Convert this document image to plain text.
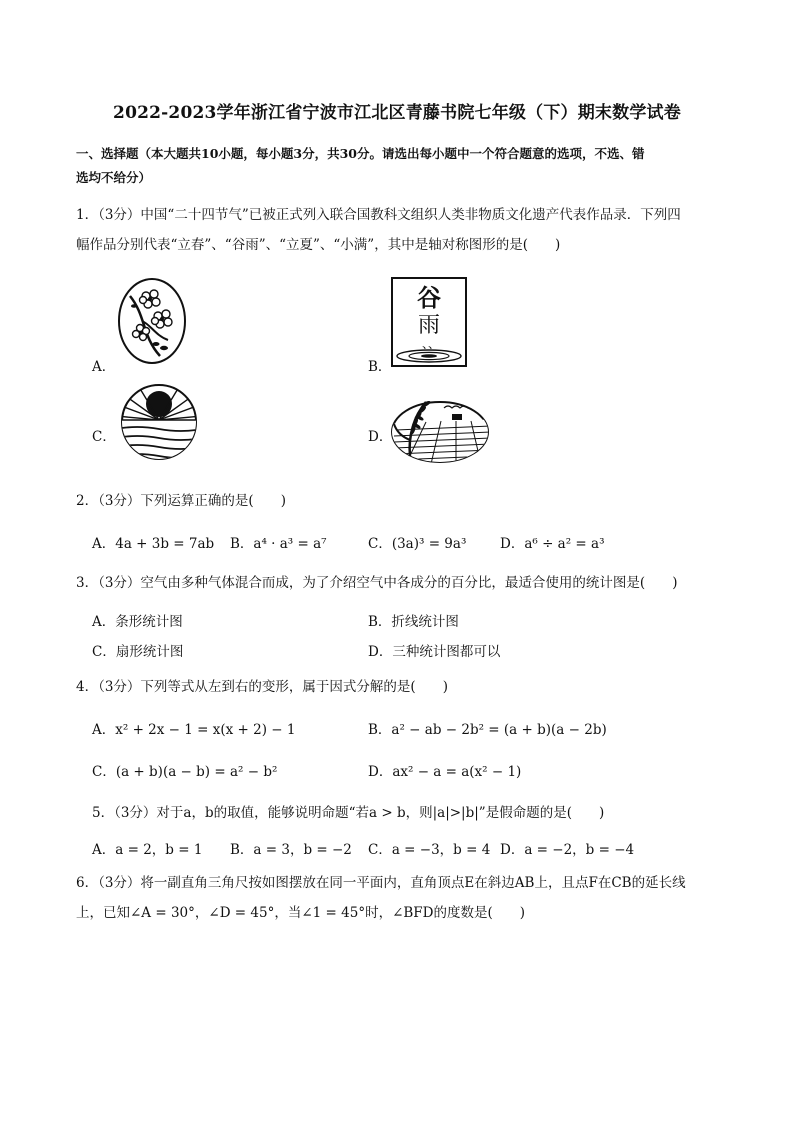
2022-2023学年浙江省宁波市江北区青藤书院七年级（下）期末数学试卷
一、选择题（本大题共10小题，每小题3分，共30分。请选出每小题中一个符合题意的选项，不选、错
选均不给分）
1．（3分）中国“二十四节气”已被正式列入联合国教科文组织人类非物质文化遗产代表作品录．下列四
幅作品分别代表“立春”、“谷雨”、“立夏”、“小满”，其中是轴对称图形的是(　　)
A．
谷
雨
、、
B．
C．	D．
2．（3分）下列运算正确的是(　　)
A．4a + 3b = 7ab B．a⁴ · a³ = a⁷	C．(3a)³ = 9a³ D．a⁶ ÷ a² = a³
3．（3分）空气由多种气体混合而成，为了介绍空气中各成分的百分比，最适合使用的统计图是(　　)
A．条形统计图	B．折线统计图
C．扇形统计图	D．三种统计图都可以
4．（3分）下列等式从左到右的变形，属于因式分解的是(　　)
A．x² + 2x − 1 = x(x + 2) − 1	B．a² − ab − 2b² = (a + b)(a − 2b)
C．(a + b)(a − b) = a² − b²	D．ax² − a = a(x² − 1)
5．（3分）对于a，b的取值，能够说明命题“若a > b，则|a|>|b|”是假命题的是(　　)
A．a = 2，b = 1 B．a = 3，b = −2 C．a = −3，b = 4 D．a = −2，b = −4
6．（3分）将一副直角三角尺按如图摆放在同一平面内，直角顶点E在斜边AB上，且点F在CB的延长线
上，已知∠A = 30°，∠D = 45°，当∠1 = 45°时，∠BFD的度数是(　　)
